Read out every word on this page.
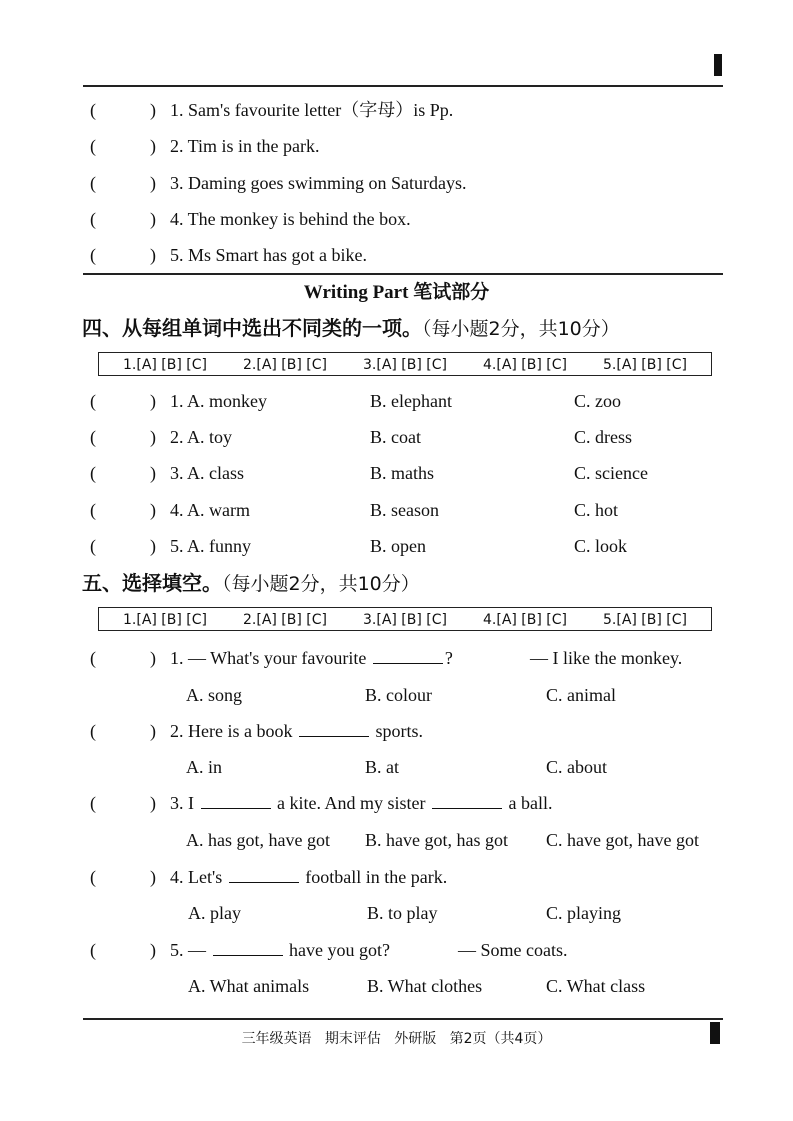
(	) 1. Sam's favourite letter（字母）is Pp.
(	) 2. Tim is in the park.
(	) 3. Daming goes swimming on Saturdays.
(	) 4. The monkey is behind the box.
(	) 5. Ms Smart has got a bike.
Writing Part 笔试部分
四、从每组单词中选出不同类的一项。（每小题2分，共10分）
1.[A] [B] [C]	2.[A] [B] [C]	3.[A] [B] [C]	4.[A] [B] [C]	5.[A] [B] [C]
(	) 1. A. monkey	B. elephant	C. zoo
(	) 2. A. toy	B. coat	C. dress
(	) 3. A. class	B. maths	C. science
(	) 4. A. warm	B. season	C. hot
(	) 5. A. funny	B. open	C. look
五、选择填空。（每小题2分，共10分）
1.[A] [B] [C]	2.[A] [B] [C]	3.[A] [B] [C]	4.[A] [B] [C]	5.[A] [B] [C]
(	) 1. — What's your favourite	?	— I like the monkey.
A. song	B. colour	C. animal
(	) 2. Here is a book	sports.
A. in	B. at	C. about
(	) 3. I	a kite. And my sister	a ball.
A. has got, have got B. have got, has got C. have got, have got
(	) 4. Let's	football in the park.
A. play	B. to play	C. playing
(	) 5. —	have you got?	— Some coats.
A. What animals	B. What clothes	C. What class
三年级英语   期末评估   外研版   第2页（共4页）
